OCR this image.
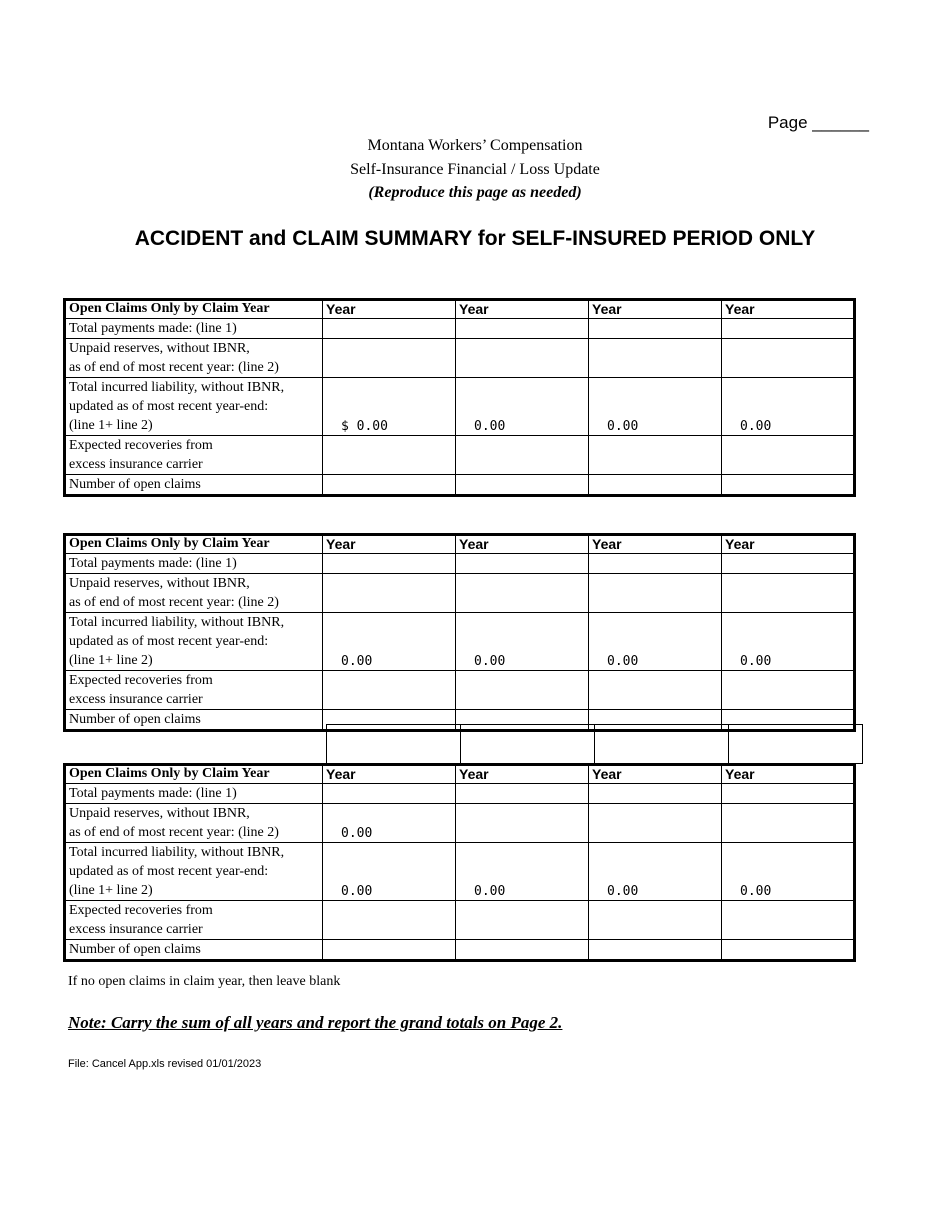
Page ______
Montana Workers’ Compensation
Self-Insurance Financial / Loss Update
(Reproduce this page as needed)
ACCIDENT and CLAIM SUMMARY for SELF-INSURED PERIOD ONLY
Open Claims Only by Claim Year	Year	Year	Year	Year
Total payments made: (line 1)				
Unpaid reserves, without IBNR,
as of end of most recent year: (line 2)				
Total incurred liability, without IBNR,
updated as of most recent year-end:
(line 1+ line 2)	$ 0.00	0.00	0.00	0.00
Expected recoveries from
excess insurance carrier				
Number of open claims				
Open Claims Only by Claim Year	Year	Year	Year	Year
Total payments made: (line 1)				
Unpaid reserves, without IBNR,
as of end of most recent year: (line 2)				
Total incurred liability, without IBNR,
updated as of most recent year-end:
(line 1+ line 2)	0.00	0.00	0.00	0.00
Expected recoveries from
excess insurance carrier				
Number of open claims				

Open Claims Only by Claim Year	Year	Year	Year	Year
Total payments made: (line 1)				
Unpaid reserves, without IBNR,
as of end of most recent year: (line 2)	0.00			
Total incurred liability, without IBNR,
updated as of most recent year-end:
(line 1+ line 2)	0.00	0.00	0.00	0.00
Expected recoveries from
excess insurance carrier				
Number of open claims				
If no open claims in claim year, then leave blank
Note: Carry the sum of all years and report the grand totals on Page 2.
File: Cancel App.xls revised 01/01/2023
